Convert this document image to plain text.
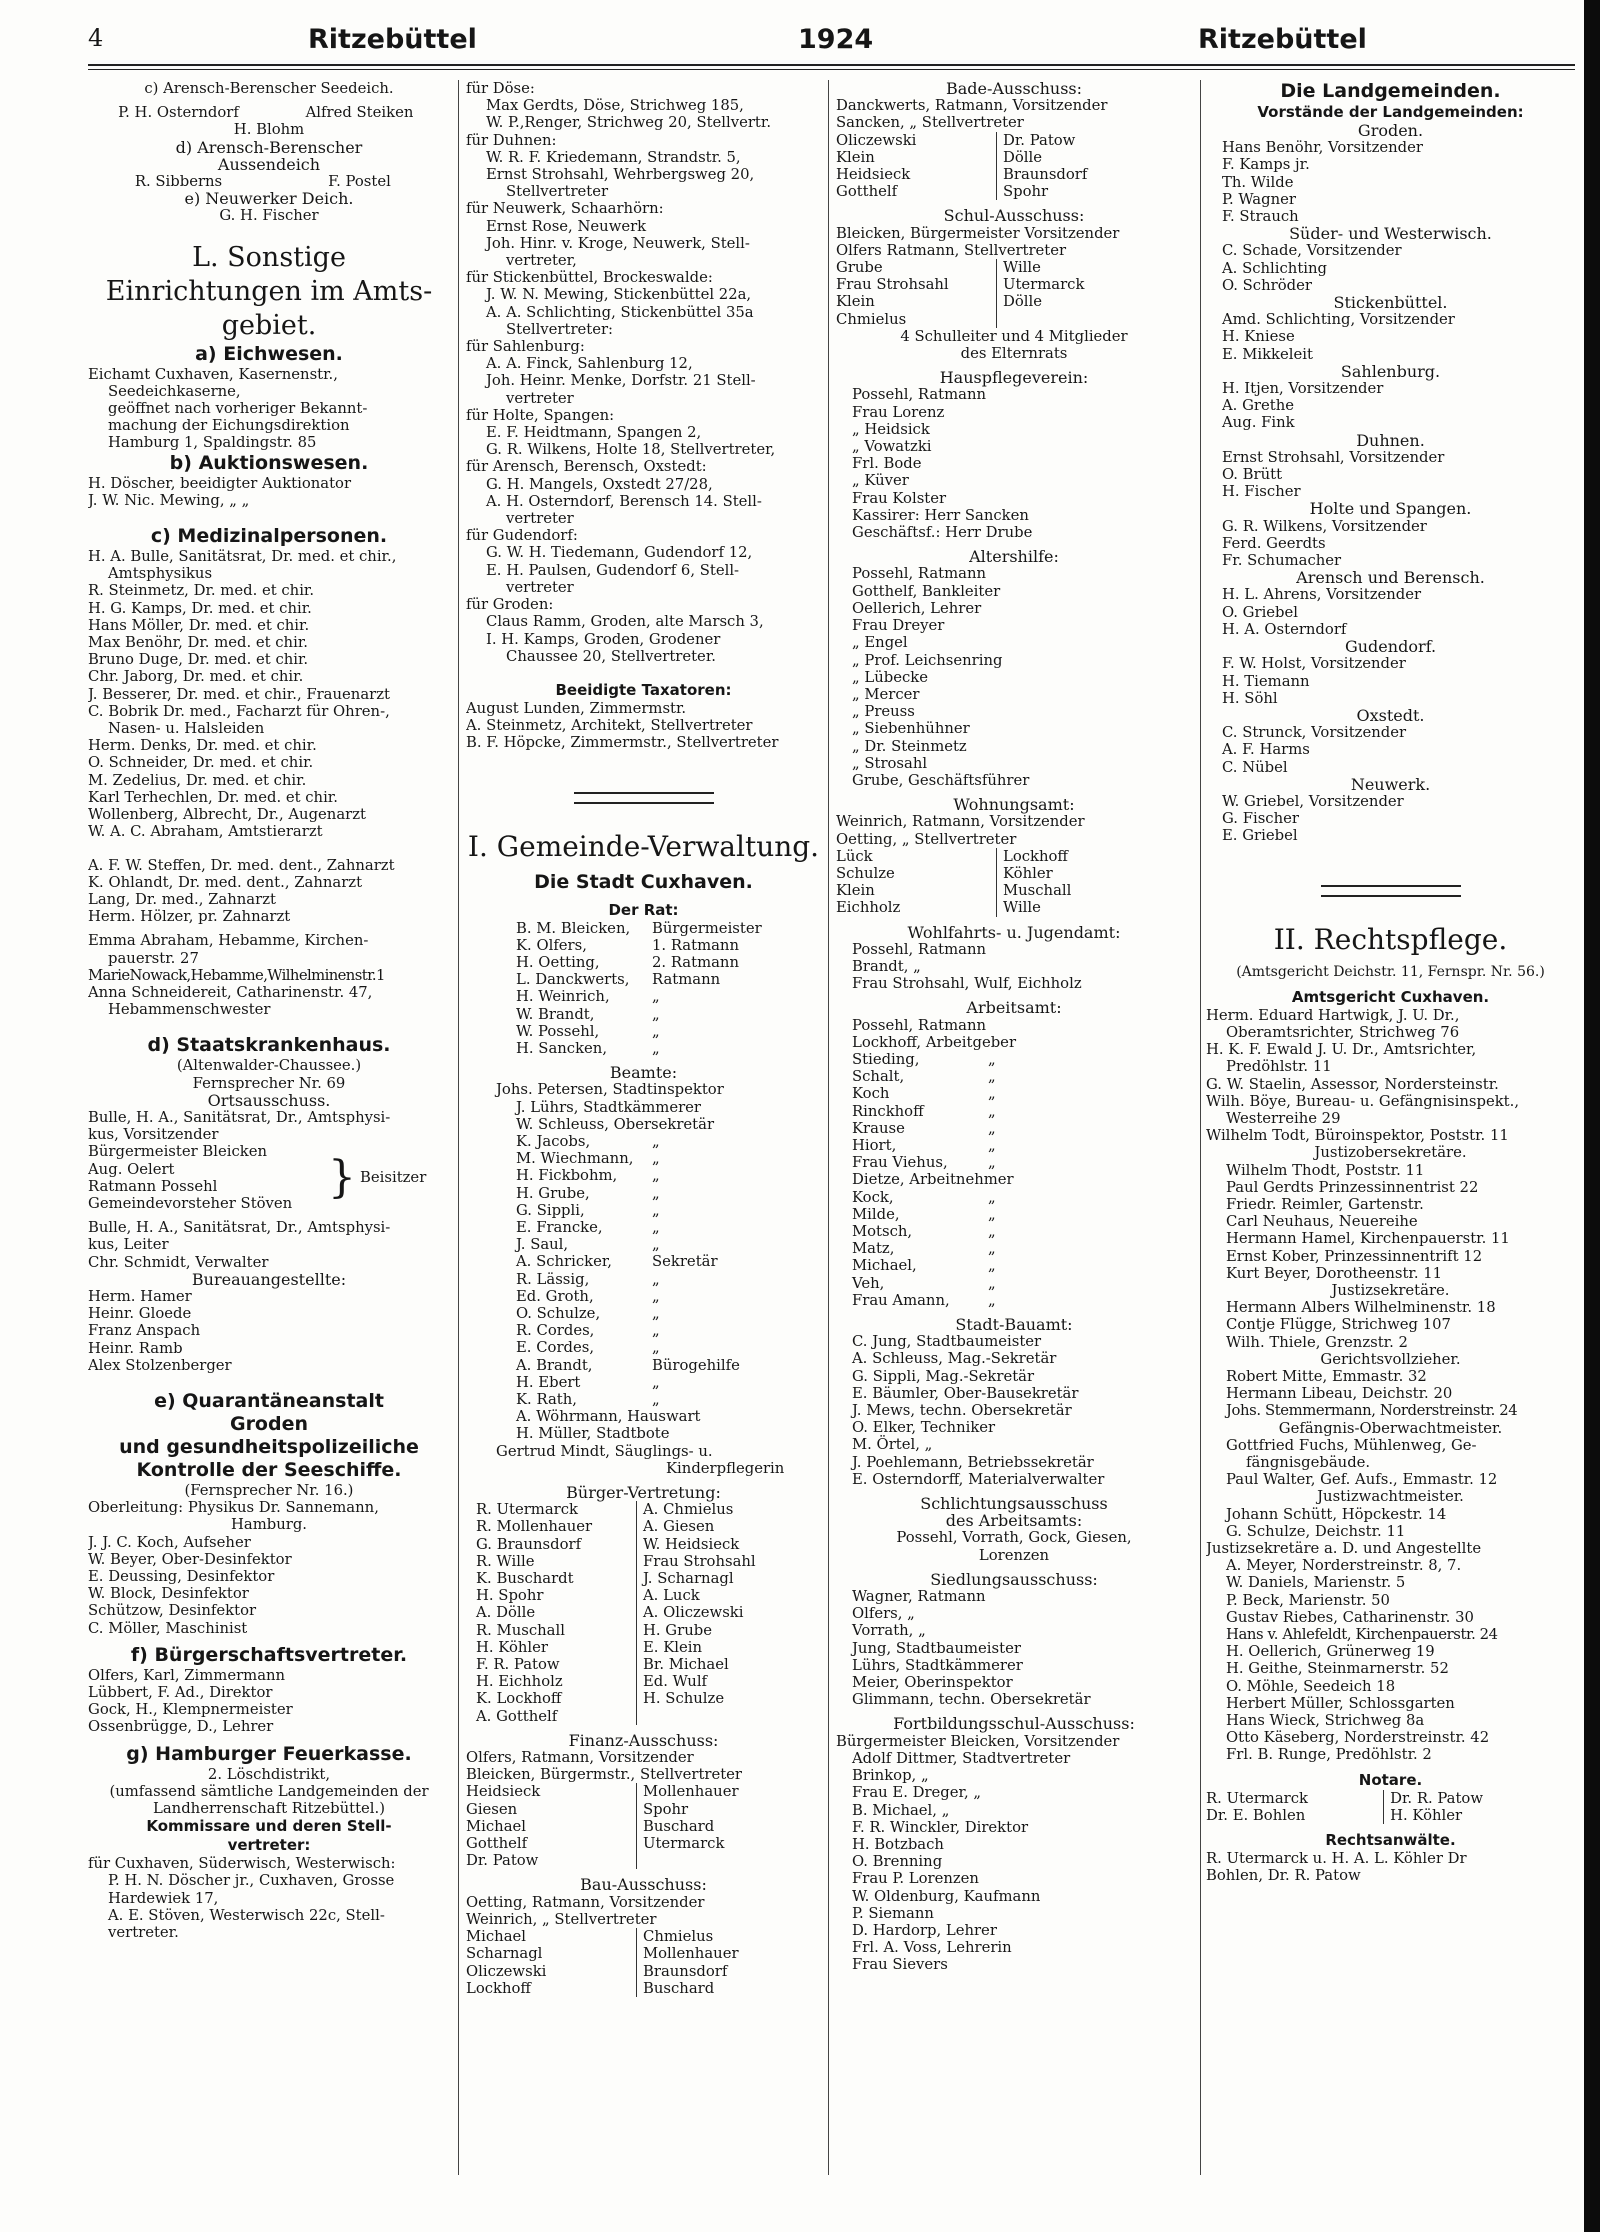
4	Ritzebüttel	1924	Ritzebüttel
c) Arensch-Berenscher Seedeich.
P. H. Osterndorf	Alfred Steiken
H. Blohm
d) Arensch-Berenscher
Aussendeich
R. Sibberns	F. Postel
e) Neuwerker Deich.
G. H. Fischer
L. Sonstige
Einrichtungen im Amts-
gebiet.
a) Eichwesen.
Eichamt Cuxhaven, Kasernenstr.,
Seedeichkaserne,
geöffnet nach vorheriger Bekannt-
machung der Eichungsdirektion
Hamburg 1, Spaldingstr. 85
b) Auktionswesen.
H. Döscher, beeidigter Auktionator
J. W. Nic. Mewing, „ „
c) Medizinalpersonen.
H. A. Bulle, Sanitätsrat, Dr. med. et chir.,
Amtsphysikus
R. Steinmetz, Dr. med. et chir.
H. G. Kamps, Dr. med. et chir.
Hans Möller, Dr. med. et chir.
Max Benöhr, Dr. med. et chir.
Bruno Duge, Dr. med. et chir.
Chr. Jaborg, Dr. med. et chir.
J. Besserer, Dr. med. et chir., Frauenarzt
C. Bobrik Dr. med., Facharzt für Ohren-,
Nasen- u. Halsleiden
Herm. Denks, Dr. med. et chir.
O. Schneider, Dr. med. et chir.
M. Zedelius, Dr. med. et chir.
Karl Terhechlen, Dr. med. et chir.
Wollenberg, Albrecht, Dr., Augenarzt
W. A. C. Abraham, Amtstierarzt
A. F. W. Steffen, Dr. med. dent., Zahnarzt
K. Ohlandt, Dr. med. dent., Zahnarzt
Lang, Dr. med., Zahnarzt
Herm. Hölzer, pr. Zahnarzt
Emma Abraham, Hebamme, Kirchen-
pauerstr. 27
MarieNowack,Hebamme,Wilhelminenstr.1
Anna Schneidereit, Catharinenstr. 47,
Hebammenschwester
d) Staatskrankenhaus.
(Altenwalder-Chaussee.)
Fernsprecher Nr. 69
Ortsausschuss.
Bulle, H. A., Sanitätsrat, Dr., Amtsphysi-
kus, Vorsitzender
Bürgermeister Bleicken
Aug. Oelert
Ratmann Possehl
Gemeindevorsteher Stöven
} Beisitzer
Bulle, H. A., Sanitätsrat, Dr., Amtsphysi-
kus, Leiter
Chr. Schmidt, Verwalter
Bureauangestellte:
Herm. Hamer
Heinr. Gloede
Franz Anspach
Heinr. Ramb
Alex Stolzenberger
e) Quarantäneanstalt
Groden
und gesundheitspolizeiliche
Kontrolle der Seeschiffe.
(Fernsprecher Nr. 16.)
Oberleitung: Physikus Dr. Sannemann,
Hamburg.
J. J. C. Koch, Aufseher
W. Beyer, Ober-Desinfektor
E. Deussing, Desinfektor
W. Block, Desinfektor
Schützow, Desinfektor
C. Möller, Maschinist
f) Bürgerschaftsvertreter.
Olfers, Karl, Zimmermann
Lübbert, F. Ad., Direktor
Gock, H., Klempnermeister
Ossenbrügge, D., Lehrer
g) Hamburger Feuerkasse.
2. Löschdistrikt,
(umfassend sämtliche Landgemeinden der
Landherrenschaft Ritzebüttel.)
Kommissare und deren Stell-
vertreter:
für Cuxhaven, Süderwisch, Westerwisch:
P. H. N. Döscher jr., Cuxhaven, Grosse
Hardewiek 17,
A. E. Stöven, Westerwisch 22c, Stell-
vertreter.
für Döse:
Max Gerdts, Döse, Strichweg 185,
W. P.,Renger, Strichweg 20, Stellvertr.
für Duhnen:
W. R. F. Kriedemann, Strandstr. 5,
Ernst Strohsahl, Wehrbergsweg 20,
Stellvertreter
für Neuwerk, Schaarhörn:
Ernst Rose, Neuwerk
Joh. Hinr. v. Kroge, Neuwerk, Stell-
vertreter,
für Stickenbüttel, Brockeswalde:
J. W. N. Mewing, Stickenbüttel 22a,
A. A. Schlichting, Stickenbüttel 35a
Stellvertreter:
für Sahlenburg:
A. A. Finck, Sahlenburg 12,
Joh. Heinr. Menke, Dorfstr. 21 Stell-
vertreter
für Holte, Spangen:
E. F. Heidtmann, Spangen 2,
G. R. Wilkens, Holte 18, Stellvertreter,
für Arensch, Berensch, Oxstedt:
G. H. Mangels, Oxstedt 27/28,
A. H. Osterndorf, Berensch 14. Stell-
vertreter
für Gudendorf:
G. W. H. Tiedemann, Gudendorf 12,
E. H. Paulsen, Gudendorf 6, Stell-
vertreter
für Groden:
Claus Ramm, Groden, alte Marsch 3,
I. H. Kamps, Groden, Grodener
Chaussee 20, Stellvertreter.
Beeidigte Taxatoren:
August Lunden, Zimmermstr.
A. Steinmetz, Architekt, Stellvertreter
B. F. Höpcke, Zimmermstr., Stellvertreter
I. Gemeinde-Verwaltung.
Die Stadt Cuxhaven.
Der Rat:
B. M. Bleicken,	Bürgermeister
K. Olfers,	1. Ratmann
H. Oetting,	2. Ratmann
L. Danckwerts,	Ratmann
H. Weinrich,	„
W. Brandt,	„
W. Possehl,	„
H. Sancken,	„
Beamte:
Johs. Petersen, Stadtinspektor
J. Lührs, Stadtkämmerer
W. Schleuss, Obersekretär
K. Jacobs,	„
M. Wiechmann,	„
H. Fickbohm,	„
H. Grube,	„
G. Sippli,	„
E. Francke,	„
J. Saul,	„
A. Schricker,	Sekretär
R. Lässig,	„
Ed. Groth,	„
O. Schulze,	„
R. Cordes,	„
E. Cordes,	„
A. Brandt,	Bürogehilfe
H. Ebert	„
K. Rath,	„
A. Wöhrmann, Hauswart
H. Müller, Stadtbote
Gertrud Mindt, Säuglings- u.
Kinderpflegerin
Bürger-Vertretung:
R. Utermarck	A. Chmielus
R. Mollenhauer	A. Giesen
G. Braunsdorf	W. Heidsieck
R. Wille	Frau Strohsahl
K. Buschardt	J. Scharnagl
H. Spohr	A. Luck
A. Dölle	A. Oliczewski
R. Muschall	H. Grube
H. Köhler	E. Klein
F. R. Patow	Br. Michael
H. Eichholz	Ed. Wulf
K. Lockhoff	H. Schulze
A. Gotthelf
Finanz-Ausschuss:
Olfers, Ratmann, Vorsitzender
Bleicken, Bürgermstr., Stellvertreter
Heidsieck	Mollenhauer
Giesen	Spohr
Michael	Buschard
Gotthelf	Utermarck
Dr. Patow
Bau-Ausschuss:
Oetting, Ratmann, Vorsitzender
Weinrich, „ Stellvertreter
Michael	Chmielus
Scharnagl	Mollenhauer
Oliczewski	Braunsdorf
Lockhoff	Buschard
Bade-Ausschuss:
Danckwerts, Ratmann, Vorsitzender
Sancken, „ Stellvertreter
Oliczewski	Dr. Patow
Klein	Dölle
Heidsieck	Braunsdorf
Gotthelf	Spohr
Schul-Ausschuss:
Bleicken, Bürgermeister Vorsitzender
Olfers Ratmann, Stellvertreter
Grube	Wille
Frau Strohsahl	Utermarck
Klein	Dölle
Chmielus
4 Schulleiter und 4 Mitglieder
des Elternrats
Hauspflegeverein:
Possehl, Ratmann
Frau Lorenz
„ Heidsick
„ Vowatzki
Frl. Bode
„ Küver
Frau Kolster
Kassirer: Herr Sancken
Geschäftsf.: Herr Drube
Altershilfe:
Possehl, Ratmann
Gotthelf, Bankleiter
Oellerich, Lehrer
Frau Dreyer
„ Engel
„ Prof. Leichsenring
„ Lübecke
„ Mercer
„ Preuss
„ Siebenhühner
„ Dr. Steinmetz
„ Strosahl
Grube, Geschäftsführer
Wohnungsamt:
Weinrich, Ratmann, Vorsitzender
Oetting, „ Stellvertreter
Lück	Lockhoff
Schulze	Köhler
Klein	Muschall
Eichholz	Wille
Wohlfahrts- u. Jugendamt:
Possehl, Ratmann
Brandt, „
Frau Strohsahl, Wulf, Eichholz
Arbeitsamt:
Possehl, Ratmann
Lockhoff, Arbeitgeber
Stieding,	„
Schalt,	„
Koch	„
Rinckhoff	„
Krause	„
Hiort,	„
Frau Viehus,	„
Dietze, Arbeitnehmer
Kock,	„
Milde,	„
Motsch,	„
Matz,	„
Michael,	„
Veh,	„
Frau Amann,	„
Stadt-Bauamt:
C. Jung, Stadtbaumeister
A. Schleuss, Mag.-Sekretär
G. Sippli, Mag.-Sekretär
E. Bäumler, Ober-Bausekretär
J. Mews, techn. Obersekretär
O. Elker, Techniker
M. Örtel, „
J. Poehlemann, Betriebssekretär
E. Osterndorff, Materialverwalter
Schlichtungsausschuss
des Arbeitsamts:
Possehl, Vorrath, Gock, Giesen,
Lorenzen
Siedlungsausschuss:
Wagner, Ratmann
Olfers, „
Vorrath, „
Jung, Stadtbaumeister
Lührs, Stadtkämmerer
Meier, Oberinspektor
Glimmann, techn. Obersekretär
Fortbildungsschul-Ausschuss:
Bürgermeister Bleicken, Vorsitzender
Adolf Dittmer, Stadtvertreter
Brinkop, „
Frau E. Dreger, „
B. Michael, „
F. R. Winckler, Direktor
H. Botzbach
O. Brenning
Frau P. Lorenzen
W. Oldenburg, Kaufmann
P. Siemann
D. Hardorp, Lehrer
Frl. A. Voss, Lehrerin
Frau Sievers
Die Landgemeinden.
Vorstände der Landgemeinden:
Groden.
Hans Benöhr, Vorsitzender
F. Kamps jr.
Th. Wilde
P. Wagner
F. Strauch
Süder- und Westerwisch.
C. Schade, Vorsitzender
A. Schlichting
O. Schröder
Stickenbüttel.
Amd. Schlichting, Vorsitzender
H. Kniese
E. Mikkeleit
Sahlenburg.
H. Itjen, Vorsitzender
A. Grethe
Aug. Fink
Duhnen.
Ernst Strohsahl, Vorsitzender
O. Brütt
H. Fischer
Holte und Spangen.
G. R. Wilkens, Vorsitzender
Ferd. Geerdts
Fr. Schumacher
Arensch und Berensch.
H. L. Ahrens, Vorsitzender
O. Griebel
H. A. Osterndorf
Gudendorf.
F. W. Holst, Vorsitzender
H. Tiemann
H. Söhl
Oxstedt.
C. Strunck, Vorsitzender
A. F. Harms
C. Nübel
Neuwerk.
W. Griebel, Vorsitzender
G. Fischer
E. Griebel
II. Rechtspflege.
(Amtsgericht Deichstr. 11, Fernspr. Nr. 56.)
Amtsgericht Cuxhaven.
Herm. Eduard Hartwigk, J. U. Dr.,
Oberamtsrichter, Strichweg 76
H. K. F. Ewald J. U. Dr., Amtsrichter,
Predöhlstr. 11
G. W. Staelin, Assessor, Nordersteinstr.
Wilh. Böye, Bureau- u. Gefängnisinspekt.,
Westerreihe 29
Wilhelm Todt, Büroinspektor, Poststr. 11
Justizobersekretäre.
Wilhelm Thodt, Poststr. 11
Paul Gerdts Prinzessinnentrist 22
Friedr. Reimler, Gartenstr.
Carl Neuhaus, Neuereihe
Hermann Hamel, Kirchenpauerstr. 11
Ernst Kober, Prinzessinnentrift 12
Kurt Beyer, Dorotheenstr. 11
Justizsekretäre.
Hermann Albers Wilhelminenstr. 18
Contje Flügge, Strichweg 107
Wilh. Thiele, Grenzstr. 2
Gerichtsvollzieher.
Robert Mitte, Emmastr. 32
Hermann Libeau, Deichstr. 20
Johs. Stemmermann, Norderstreinstr. 24
Gefängnis-Oberwachtmeister.
Gottfried Fuchs, Mühlenweg, Ge-
fängnisgebäude.
Paul Walter, Gef. Aufs., Emmastr. 12
Justizwachtmeister.
Johann Schütt, Höpckestr. 14
G. Schulze, Deichstr. 11
Justizsekretäre a. D. und Angestellte
A. Meyer, Norderstreinstr. 8, 7.
W. Daniels, Marienstr. 5
P. Beck, Marienstr. 50
Gustav Riebes, Catharinenstr. 30
Hans v. Ahlefeldt, Kirchenpauerstr. 24
H. Oellerich, Grünerweg 19
H. Geithe, Steinmarnerstr. 52
O. Möhle, Seedeich 18
Herbert Müller, Schlossgarten
Hans Wieck, Strichweg 8a
Otto Käseberg, Norderstreinstr. 42
Frl. B. Runge, Predöhlstr. 2
Notare.
R. Utermarck	Dr. R. Patow
Dr. E. Bohlen	H. Köhler
Rechtsanwälte.
R. Utermarck u. H. A. L. Köhler Dr
Bohlen, Dr. R. Patow
